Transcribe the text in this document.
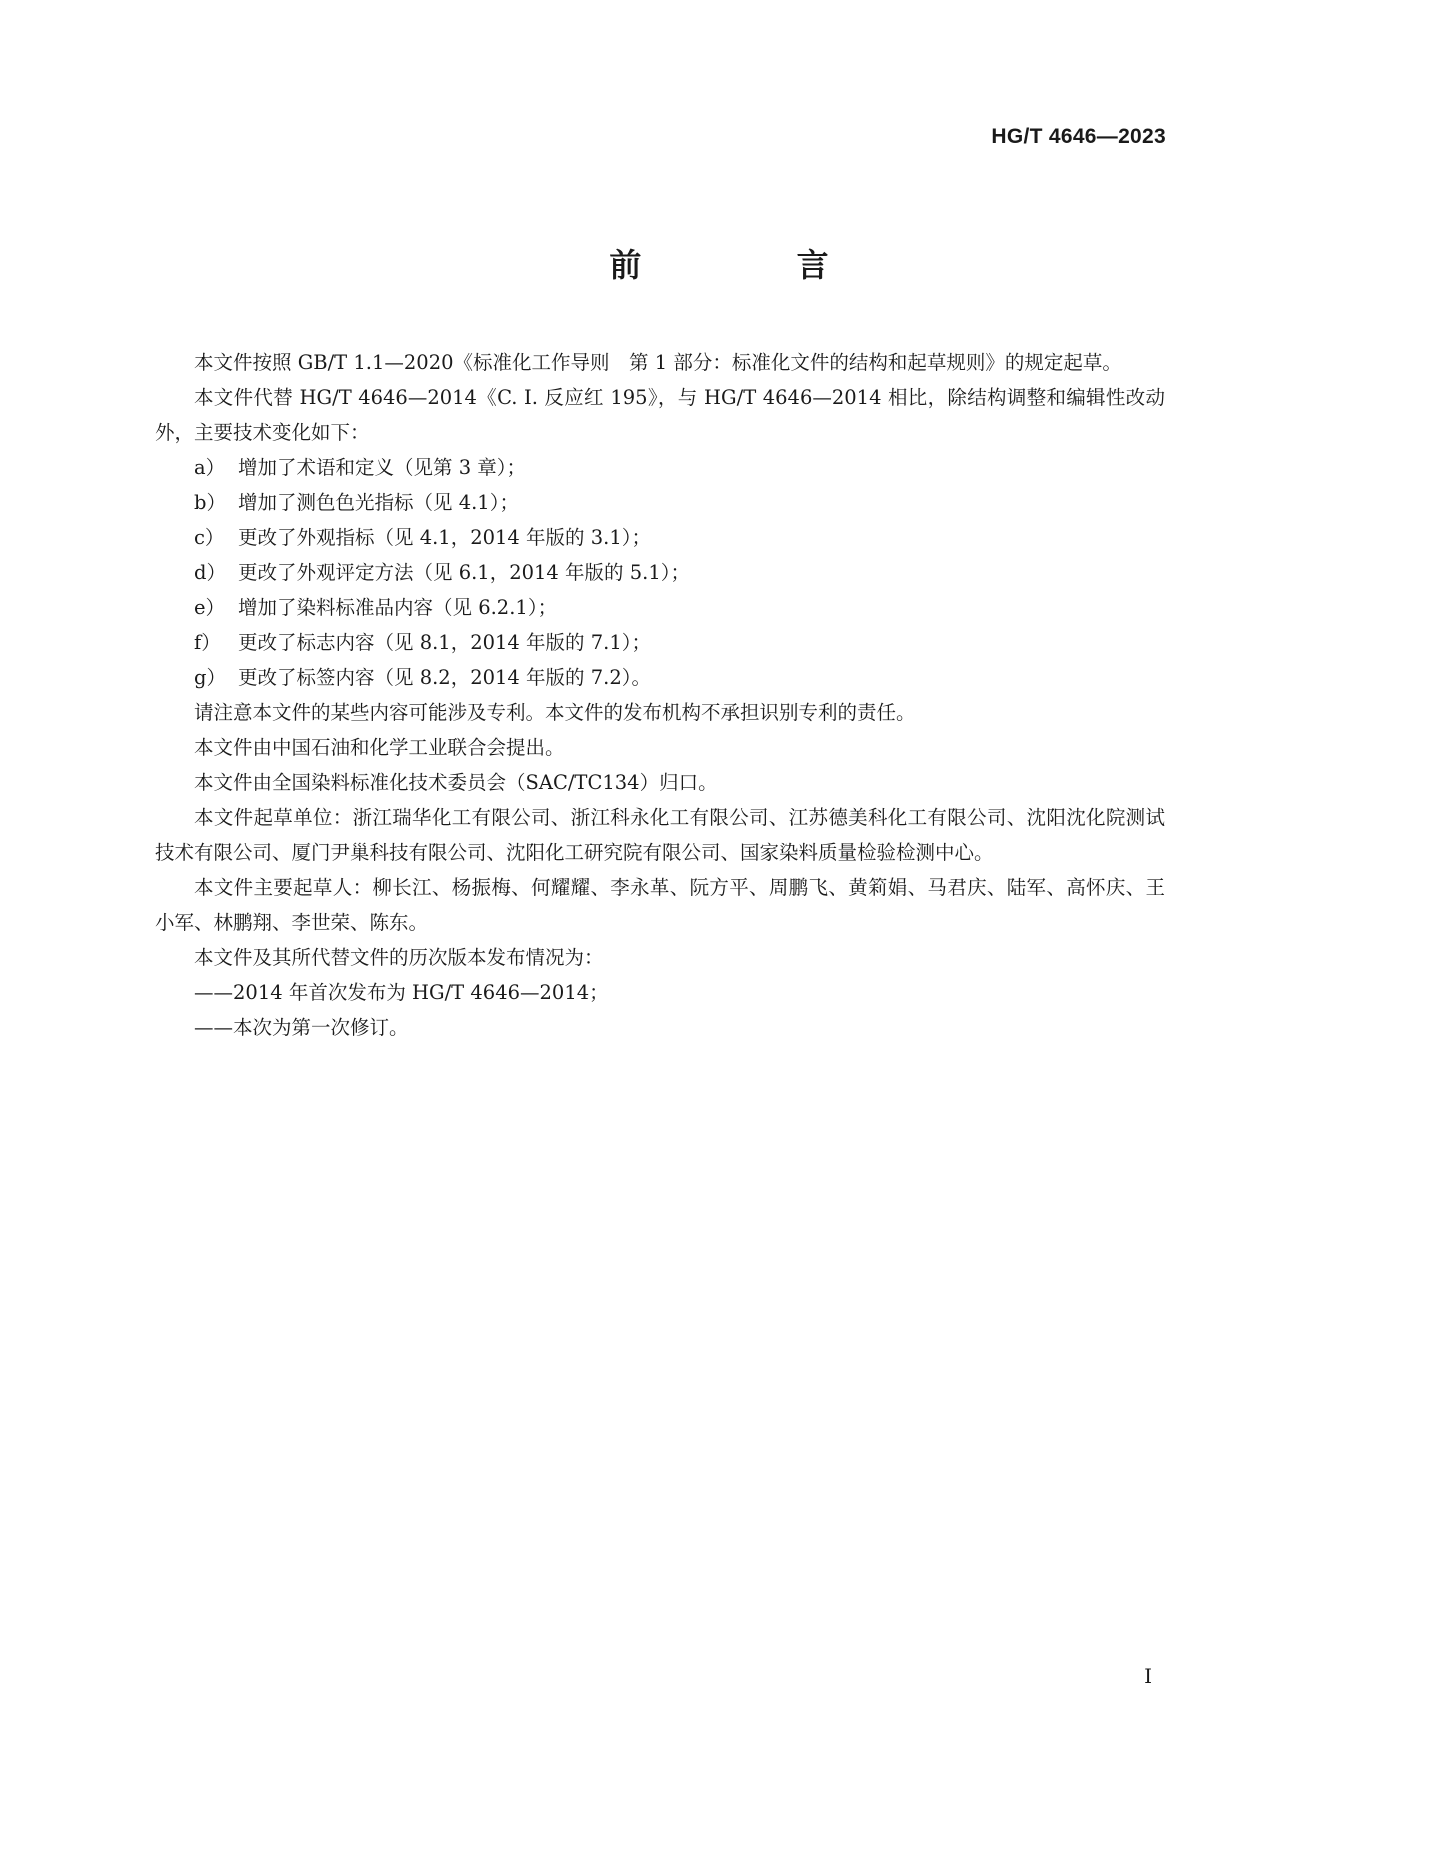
HG/T 4646—2023
前 言

本文件按照 GB/T 1.1—2020《标准化工作导则　第 1 部分：标准化文件的结构和起草规则》的规定起草。

本文件代替 HG/T 4646—2014《C. I. 反应红 195》，与 HG/T 4646—2014 相比，除结构调整和编辑性改动外，主要技术变化如下：

a） 增加了术语和定义（见第 3 章）；

b） 增加了测色色光指标（见 4.1）；

c） 更改了外观指标（见 4.1，2014 年版的 3.1）；

d） 更改了外观评定方法（见 6.1，2014 年版的 5.1）；

e） 增加了染料标准品内容（见 6.2.1）；

f） 更改了标志内容（见 8.1，2014 年版的 7.1）；

g） 更改了标签内容（见 8.2，2014 年版的 7.2）。

请注意本文件的某些内容可能涉及专利。本文件的发布机构不承担识别专利的责任。

本文件由中国石油和化学工业联合会提出。

本文件由全国染料标准化技术委员会（SAC/TC134）归口。

本文件起草单位：浙江瑞华化工有限公司、浙江科永化工有限公司、江苏德美科化工有限公司、沈阳沈化院测试技术有限公司、厦门尹巢科技有限公司、沈阳化工研究院有限公司、国家染料质量检验检测中心。

本文件主要起草人：柳长江、杨振梅、何耀耀、李永革、阮方平、周鹏飞、黄筣娟、马君庆、陆军、高怀庆、王小军、林鹏翔、李世荣、陈东。

本文件及其所代替文件的历次版本发布情况为：

——2014 年首次发布为 HG/T 4646—2014；

——本次为第一次修订。

I
